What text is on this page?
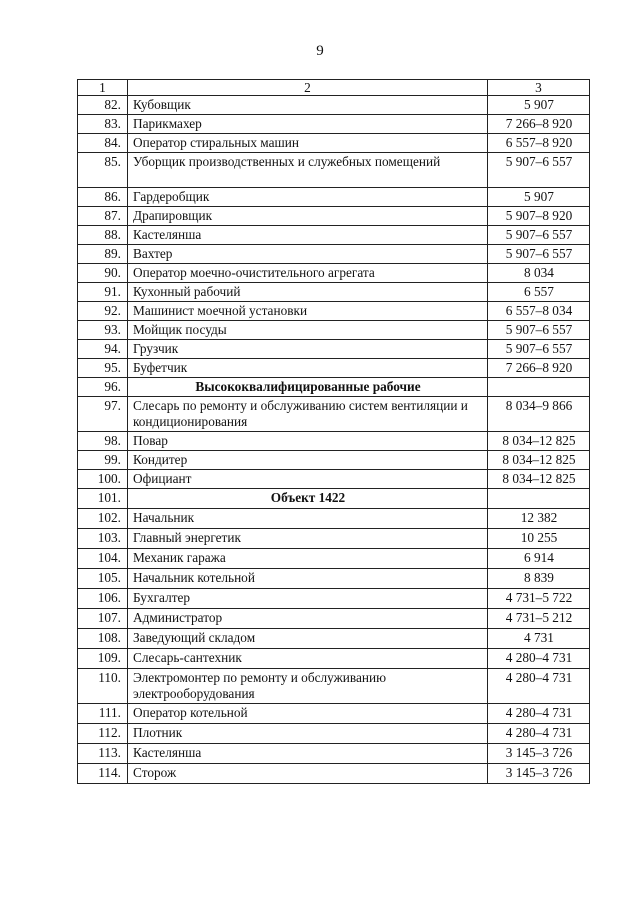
9
1	2	3
82.	Кубовщик	5 907
83.	Парикмахер	7 266–8 920
84.	Оператор стиральных машин	6 557–8 920
85.	Уборщик производственных и служебных помещений	5 907–6 557
86.	Гардеробщик	5 907
87.	Драпировщик	5 907–8 920
88.	Кастелянша	5 907–6 557
89.	Вахтер	5 907–6 557
90.	Оператор моечно-очистительного агрегата	8 034
91.	Кухонный рабочий	6 557
92.	Машинист моечной установки	6 557–8 034
93.	Мойщик посуды	5 907–6 557
94.	Грузчик	5 907–6 557
95.	Буфетчик	7 266–8 920
96.	Высококвалифицированные рабочие	
97.	Слесарь по ремонту и обслуживанию систем вентиляции и кондиционирования	8 034–9 866
98.	Повар	8 034–12 825
99.	Кондитер	8 034–12 825
100.	Официант	8 034–12 825
101.	Объект 1422	
102.	Начальник	12 382
103.	Главный энергетик	10 255
104.	Механик гаража	6 914
105.	Начальник котельной	8 839
106.	Бухгалтер	4 731–5 722
107.	Администратор	4 731–5 212
108.	Заведующий складом	4 731
109.	Слесарь-сантехник	4 280–4 731
110.	Электромонтер по ремонту и обслуживанию электрооборудования	4 280–4 731
111.	Оператор котельной	4 280–4 731
112.	Плотник	4 280–4 731
113.	Кастелянша	3 145–3 726
114.	Сторож	3 145–3 726
